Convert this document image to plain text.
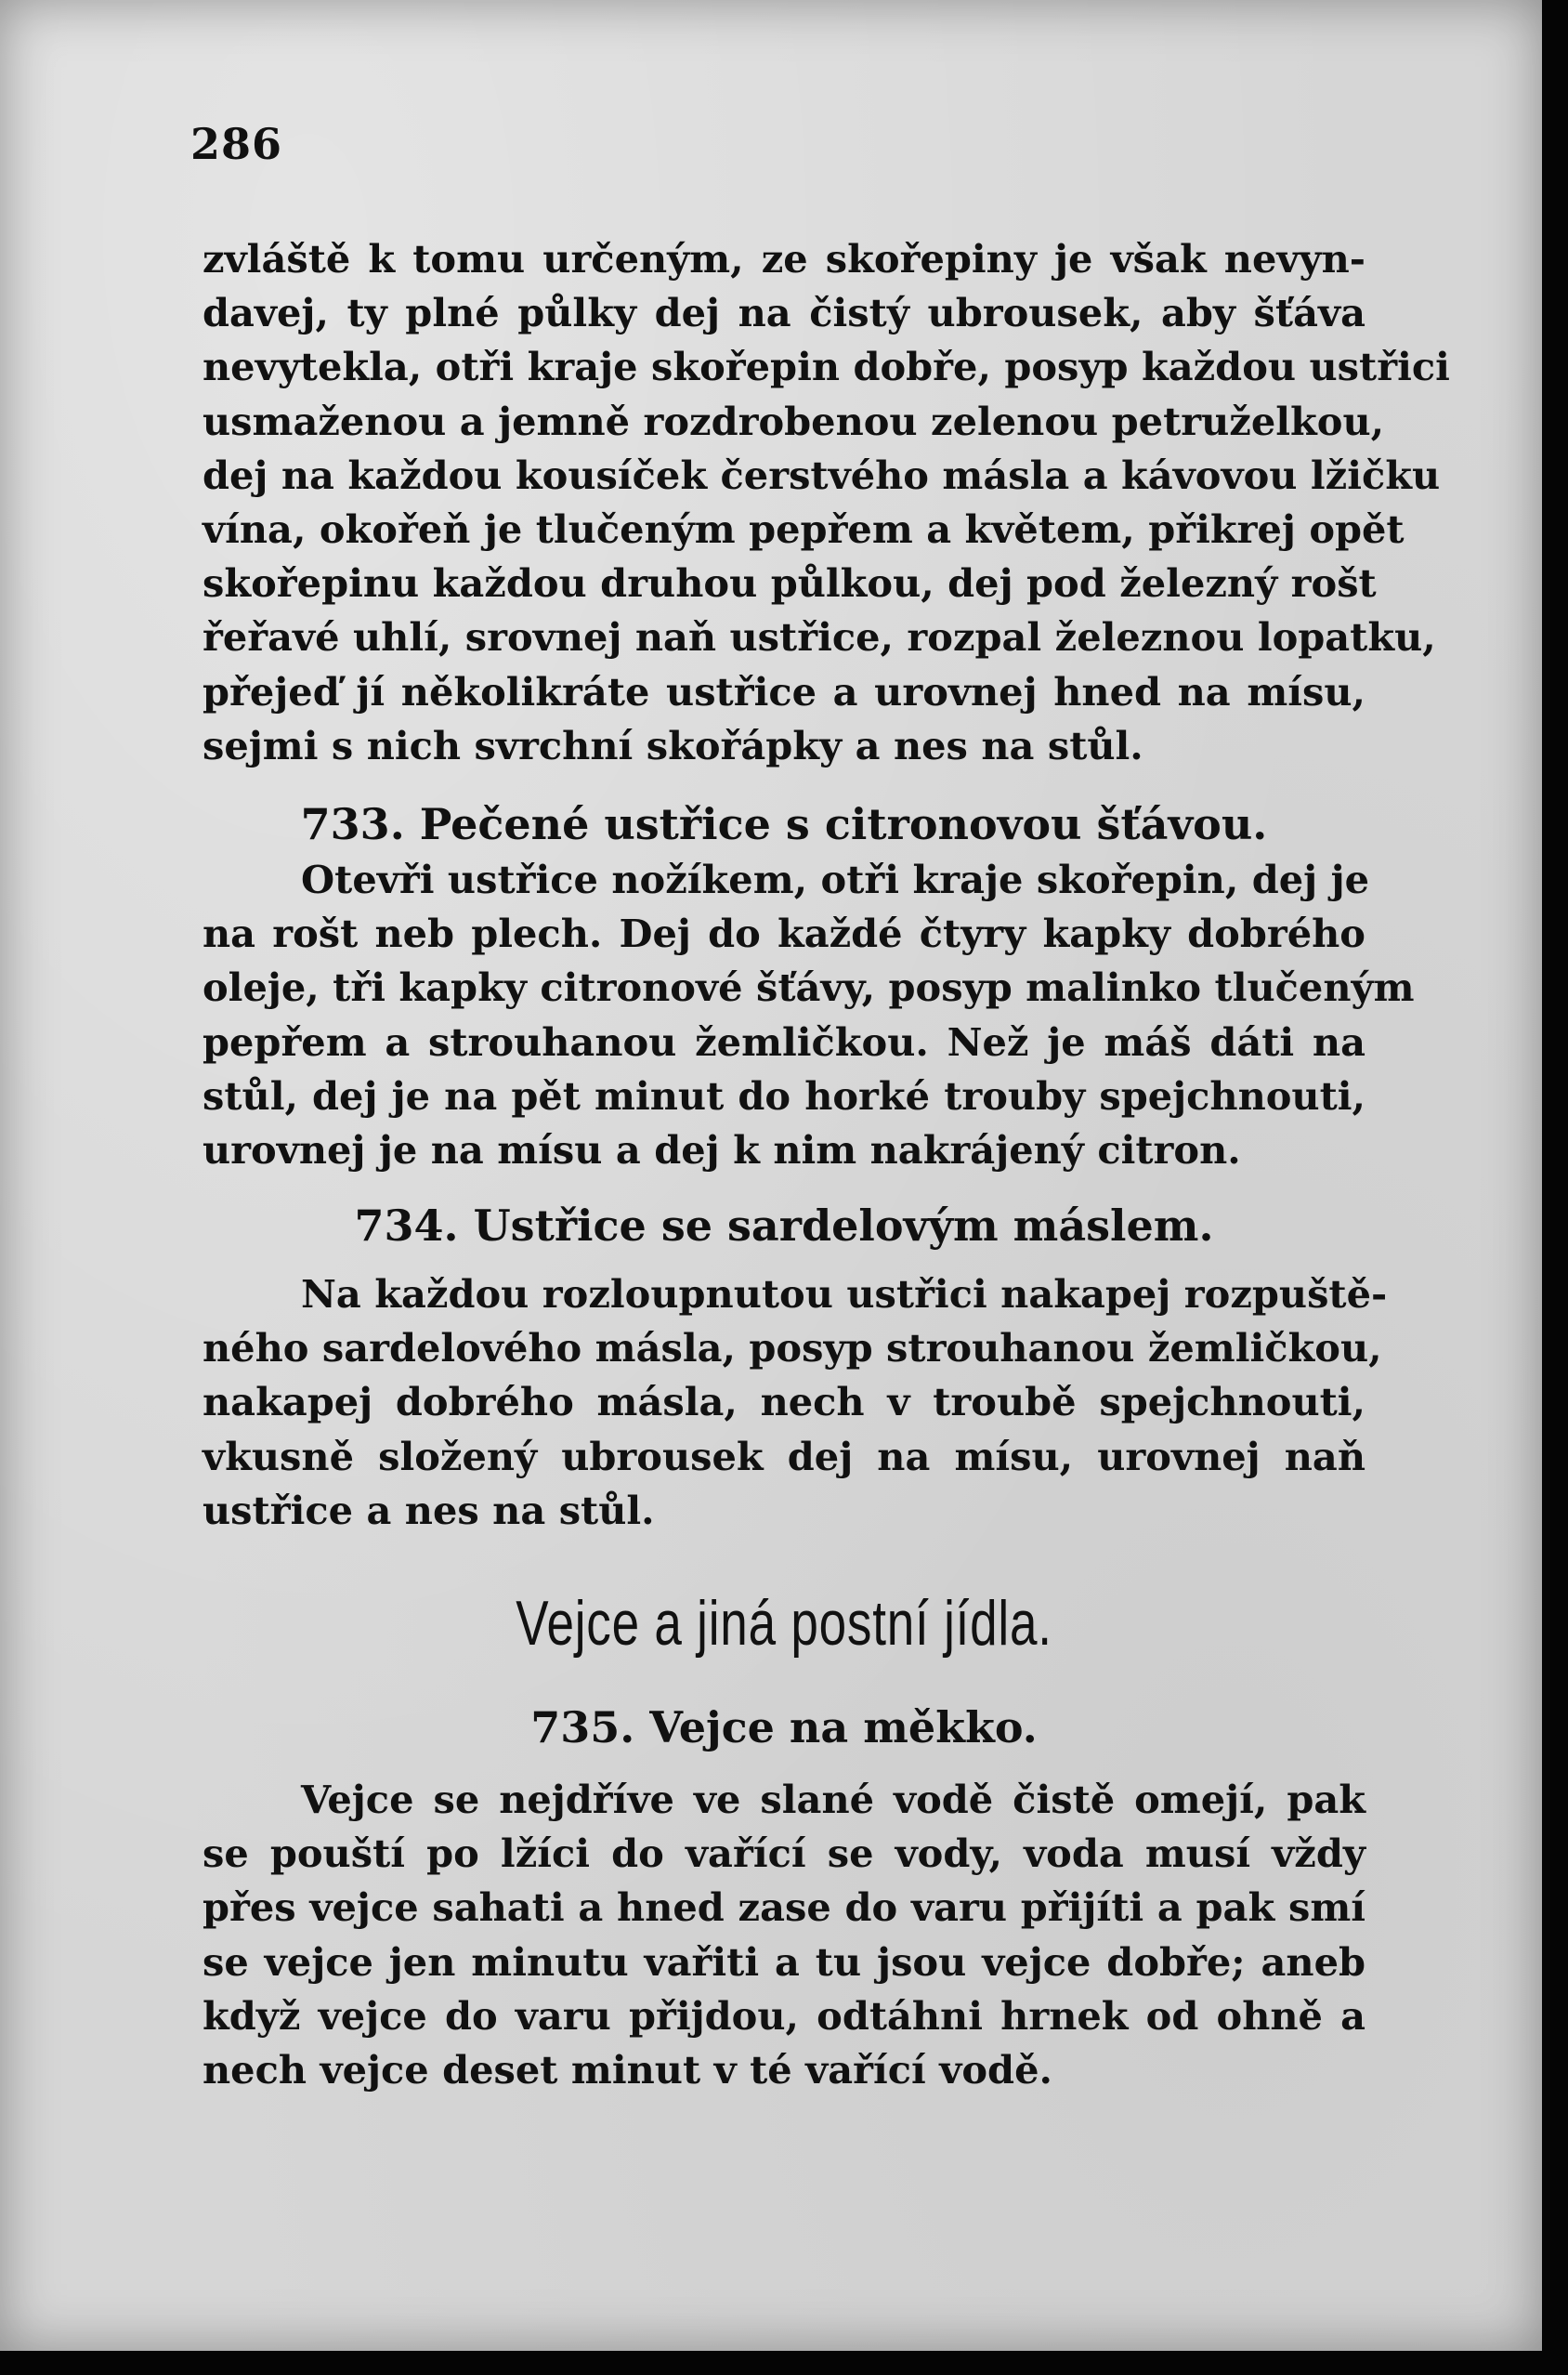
286
zvláště k tomu určeným, ze skořepiny je však nevyn-
davej, ty plné půlky dej na čistý ubrousek, aby šťáva
nevytekla, otři kraje skořepin dobře, posyp každou ustřici
usmaženou a jemně rozdrobenou zelenou petruželkou,
dej na každou kousíček čerstvého másla a kávovou lžičku
vína, okořeň je tlučeným pepřem a květem, přikrej opět
skořepinu každou druhou půlkou, dej pod železný rošt
řeřavé uhlí, srovnej naň ustřice, rozpal železnou lopatku,
přejeď jí několikráte ustřice a urovnej hned na mísu,
sejmi s nich svrchní skořápky a nes na stůl.
733. Pečené ustřice s citronovou šťávou.
Otevři ustřice nožíkem, otři kraje skořepin, dej je
na rošt neb plech. Dej do každé čtyry kapky dobrého
oleje, tři kapky citronové šťávy, posyp malinko tlučeným
pepřem a strouhanou žemličkou. Než je máš dáti na
stůl, dej je na pět minut do horké trouby spejchnouti,
urovnej je na mísu a dej k nim nakrájený citron.
734. Ustřice se sardelovým máslem.
Na každou rozloupnutou ustřici nakapej rozpuště-
ného sardelového másla, posyp strouhanou žemličkou,
nakapej dobrého másla, nech v troubě spejchnouti,
vkusně složený ubrousek dej na mísu, urovnej naň
ustřice a nes na stůl.
Vejce a jiná postní jídla.
735. Vejce na měkko.
Vejce se nejdříve ve slané vodě čistě omejí, pak
se pouští po lžíci do vařící se vody, voda musí vždy
přes vejce sahati a hned zase do varu přijíti a pak smí
se vejce jen minutu vařiti a tu jsou vejce dobře; aneb
když vejce do varu přijdou, odtáhni hrnek od ohně a
nech vejce deset minut v té vařící vodě.
